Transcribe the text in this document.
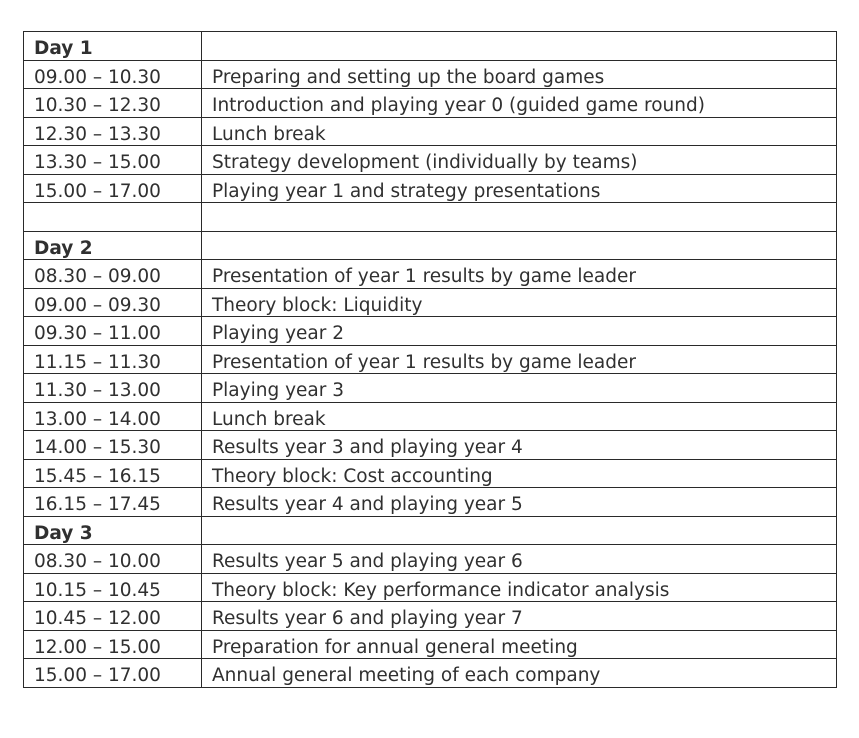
Day 1	
09.00 – 10.30	Preparing and setting up the board games
10.30 – 12.30	Introduction and playing year 0 (guided game round)
12.30 – 13.30	Lunch break
13.30 – 15.00	Strategy development (individually by teams)
15.00 – 17.00	Playing year 1 and strategy presentations

Day 2	
08.30 – 09.00	Presentation of year 1 results by game leader
09.00 – 09.30	Theory block: Liquidity
09.30 – 11.00	Playing year 2
11.15 – 11.30	Presentation of year 1 results by game leader
11.30 – 13.00	Playing year 3
13.00 – 14.00	Lunch break
14.00 – 15.30	Results year 3 and playing year 4
15.45 – 16.15	Theory block: Cost accounting
16.15 – 17.45	Results year 4 and playing year 5
Day 3	
08.30 – 10.00	Results year 5 and playing year 6
10.15 – 10.45	Theory block: Key performance indicator analysis
10.45 – 12.00	Results year 6 and playing year 7
12.00 – 15.00	Preparation for annual general meeting
15.00 – 17.00	Annual general meeting of each company
